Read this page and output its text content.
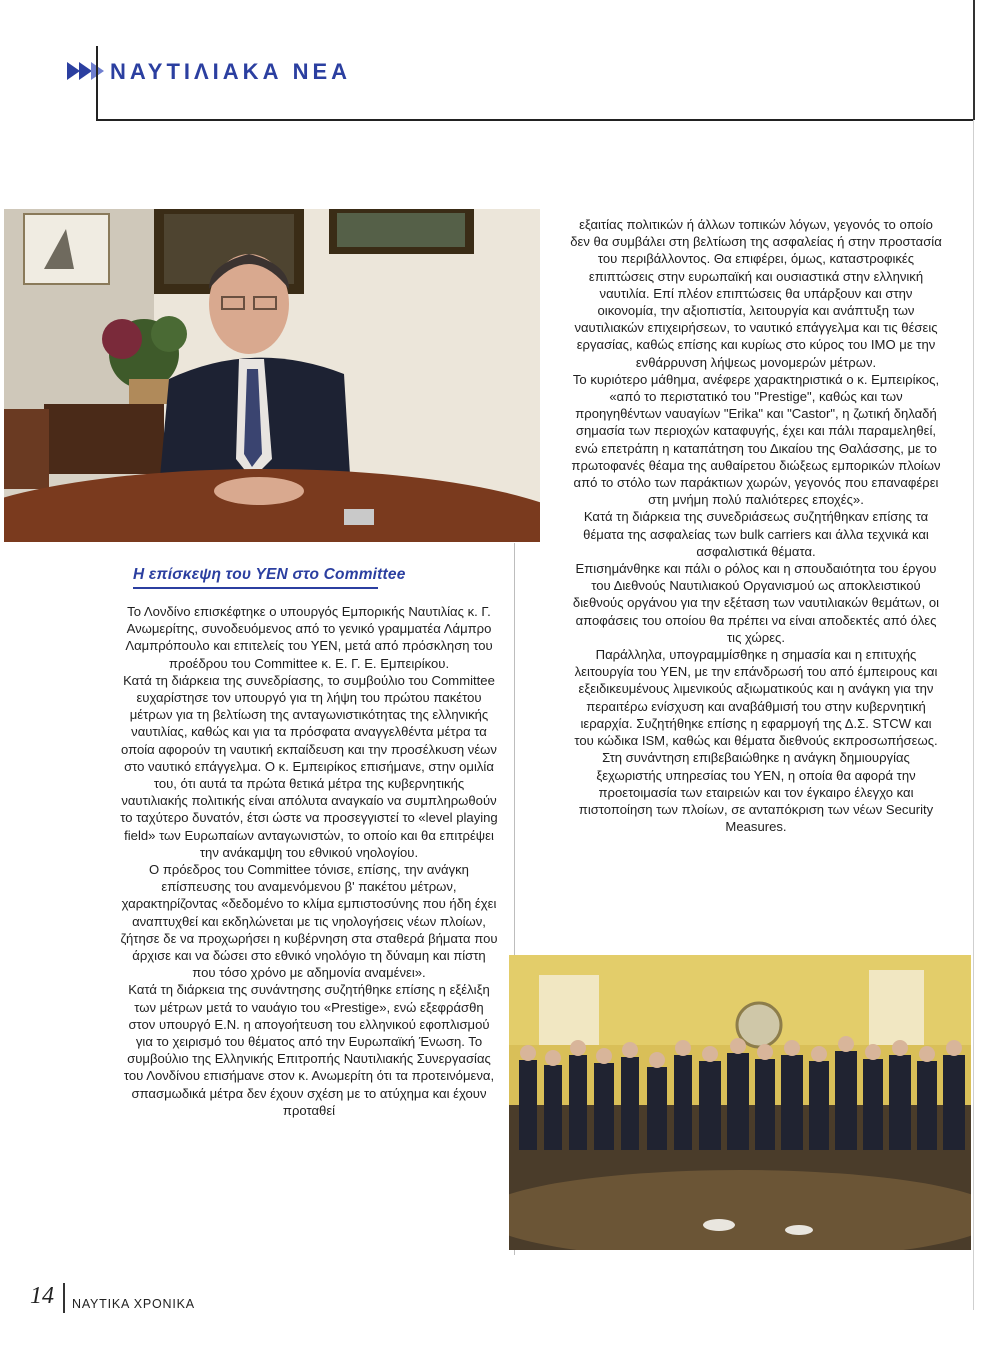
ΝΑΥΤΙΛΙΑΚΑ ΝΕΑ
Η επίσκεψη του ΥΕΝ στο Committee

Το Λονδίνο επισκέφτηκε ο υπουργός Εμπορικής Ναυτιλίας κ. Γ. Ανωμερίτης, συνοδευόμενος από το γενικό γραμματέα Λάμπρο Λαμπρόπουλο και επιτελείς του ΥΕΝ, μετά από πρόσκληση του προέδρου του Committee κ. Ε. Γ. Ε. Εμπειρίκου.

Κατά τη διάρκεια της συνεδρίασης, το συμβούλιο του Committee ευχαρίστησε τον υπουργό για τη λήψη του πρώτου πακέτου μέτρων για τη βελτίωση της ανταγωνιστικότητας της ελληνικής ναυτιλίας, καθώς και για τα πρόσφατα αναγγελθέντα μέτρα τα οποία αφορούν τη ναυτική εκπαίδευση και την προσέλκυση νέων στο ναυτικό επάγγελμα. Ο κ. Εμπειρίκος επισήμανε, στην ομιλία του, ότι αυτά τα πρώτα θετικά μέτρα της κυβερνητικής ναυτιλιακής πολιτικής είναι απόλυτα αναγκαίο να συμπληρωθούν το ταχύτερο δυνατόν, έτσι ώστε να προσεγγιστεί το «level playing field» των Ευρωπαίων ανταγωνιστών, το οποίο και θα επιτρέψει την ανάκαμψη του εθνικού νηολογίου.

Ο πρόεδρος του Committee τόνισε, επίσης, την ανάγκη επίσπευσης του αναμενόμενου β' πακέτου μέτρων, χαρακτηρίζοντας «δεδομένο το κλίμα εμπιστοσύνης που ήδη έχει αναπτυχθεί και εκδηλώνεται με τις νηολογήσεις νέων πλοίων, ζήτησε δε να προχωρήσει η κυβέρνηση στα σταθερά βήματα που άρχισε και να δώσει στο εθνικό νηολόγιο τη δύναμη και πίστη που τόσο χρόνο με αδημονία αναμένει».

Κατά τη διάρκεια της συνάντησης συζητήθηκε επίσης η εξέλιξη των μέτρων μετά το ναυάγιο του «Prestige», ενώ εξεφράσθη στον υπουργό Ε.Ν. η απογοήτευση του ελληνικού εφοπλισμού για το χειρισμό του θέματος από την Ευρωπαϊκή Ένωση. Το συμβούλιο της Ελληνικής Επιτροπής Ναυτιλιακής Συνεργασίας του Λονδίνου επισήμανε στον κ. Ανωμερίτη ότι τα προτεινόμενα, σπασμωδικά μέτρα δεν έχουν σχέση με το ατύχημα και έχουν προταθεί

εξαιτίας πολιτικών ή άλλων τοπικών λόγων, γεγονός το οποίο δεν θα συμβάλει στη βελτίωση της ασφαλείας ή στην προστασία του περιβάλλοντος. Θα επιφέρει, όμως, καταστροφικές επιπτώσεις στην ευρωπαϊκή και ουσιαστικά στην ελληνική ναυτιλία. Επί πλέον επιπτώσεις θα υπάρξουν και στην οικονομία, την αξιοπιστία, λειτουργία και ανάπτυξη των ναυτιλιακών επιχειρήσεων, το ναυτικό επάγγελμα και τις θέσεις εργασίας, καθώς επίσης και κυρίως στο κύρος του IMO με την ενθάρρυνση λήψεως μονομερών μέτρων.

Το κυριότερο μάθημα, ανέφερε χαρακτηριστικά ο κ. Εμπειρίκος, «από το περιστατικό του "Prestige", καθώς και των προηγηθέντων ναυαγίων "Erika" και "Castor", η ζωτική δηλαδή σημασία των περιοχών καταφυγής, έχει και πάλι παραμεληθεί, ενώ επετράπη η καταπάτηση του Δικαίου της Θαλάσσης, με το πρωτοφανές θέαμα της αυθαίρετου διώξεως εμπορικών πλοίων από το στόλο των παράκτιων χωρών, γεγονός που επαναφέρει στη μνήμη πολύ παλιότερες εποχές».

Κατά τη διάρκεια της συνεδριάσεως συζητήθηκαν επίσης τα θέματα της ασφαλείας των bulk carriers και άλλα τεχνικά και ασφαλιστικά θέματα.

Επισημάνθηκε και πάλι ο ρόλος και η σπουδαιότητα του έργου του Διεθνούς Ναυτιλιακού Οργανισμού ως αποκλειστικού διεθνούς οργάνου για την εξέταση των ναυτιλιακών θεμάτων, οι αποφάσεις του οποίου θα πρέπει να είναι αποδεκτές από όλες τις χώρες.

Παράλληλα, υπογραμμίσθηκε η σημασία και η επιτυχής λειτουργία του ΥΕΝ, με την επάνδρωσή του από έμπειρους και εξειδικευμένους λιμενικούς αξιωματικούς και η ανάγκη για την περαιτέρω ενίσχυση και αναβάθμισή του στην κυβερνητική ιεραρχία. Συζητήθηκε επίσης η εφαρμογή της Δ.Σ. STCW και του κώδικα ISM, καθώς και θέματα διεθνούς εκπροσωπήσεως. Στη συνάντηση επιβεβαιώθηκε η ανάγκη δημιουργίας ξεχωριστής υπηρεσίας του ΥΕΝ, η οποία θα αφορά την προετοιμασία των εταιρειών και τον έγκαιρο έλεγχο και πιστοποίηση των πλοίων, σε ανταπόκριση των νέων Security Measures.

14 ΝΑΥΤΙΚΑ ΧΡΟΝΙΚΑ
